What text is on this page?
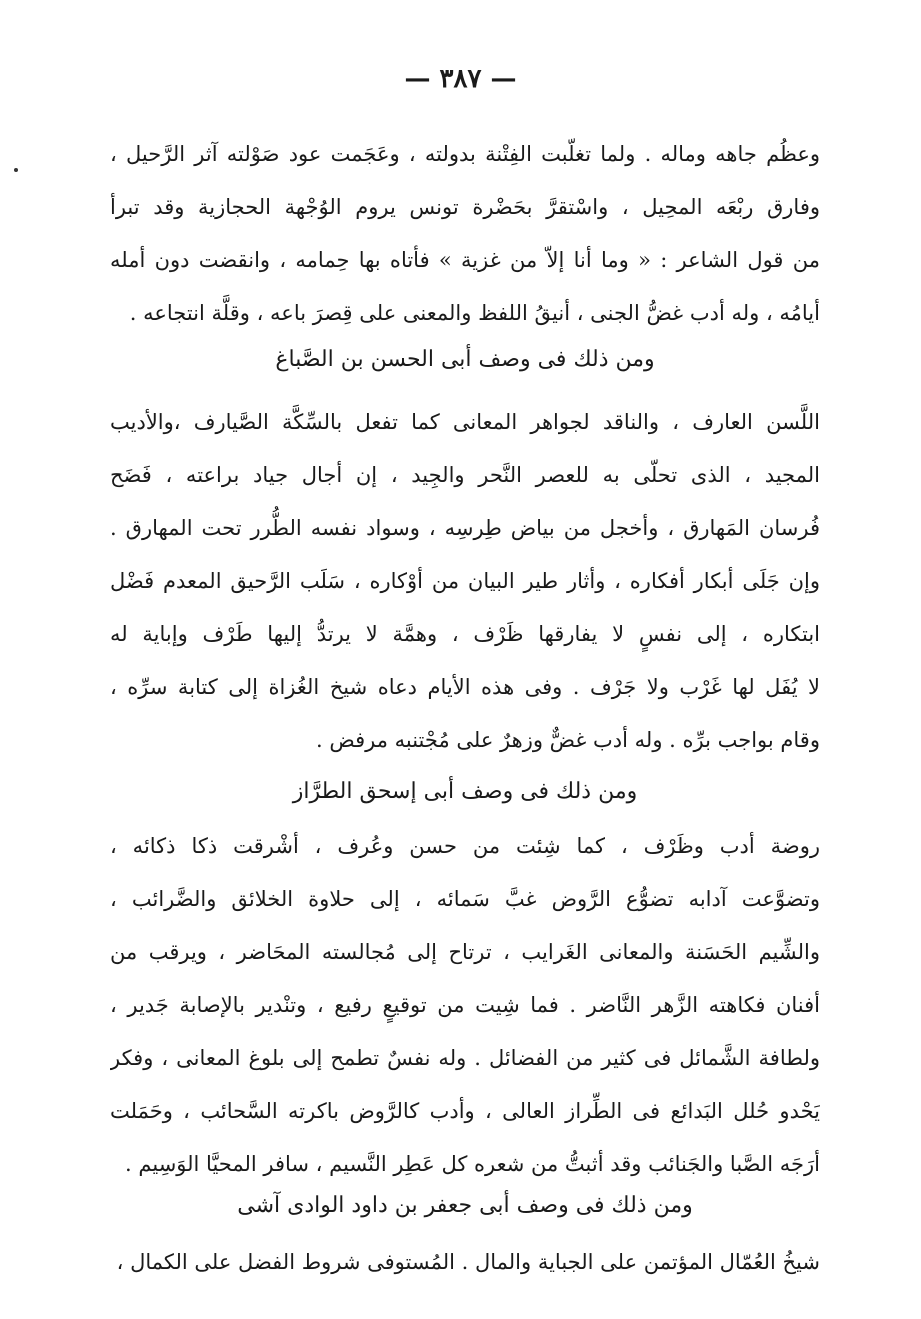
— ٣٨٧ —
وعظُم جاهه وماله . ولما تغلّبت الفِتْنة بدولته ، وعَجَمت عود صَوْلته آثر الرَّحيل ،
وفارق ربْعَه المحِيل ، واسْتقرَّ بحَضْرة تونس يروم الوُجْهة الحجازية وقد تبرأ
من قول الشاعر : « وما أنا إلاّ من غزية » فأتاه بها حِمامه ، وانقضت دون أمله
أيامُه ، وله أدب غضُّ الجنى ، أنيقُ اللفظ والمعنى على قِصرَ باعه ، وقلَّة انتجاعه .
ومن ذلك فى وصف أبى الحسن بن الصَّباغ
اللَّسن العارف ، والناقد لجواهر المعانى كما تفعل بالسِّكَّة الصَّيارف ،والأديب
المجيد ، الذى تحلّى به للعصر النَّحر والجِيد ، إن أجال جياد براعته ، فَضَح
فُرسان المَهارق ، وأخجل من بياض طِرسِه ، وسواد نفسه الطُّرر تحت المهارق .
وإن جَلَى أبكار أفكاره ، وأثار طير البيان من أوْكاره ، سَلَب الرَّحيق المعدم فَضْل
ابتكاره ، إلى نفسٍ لا يفارقها ظَرْف ، وهمَّة لا يرتدُّ إليها طَرْف وإباية له
لا يُفَل لها غَرْب ولا جَرْف . وفى هذه الأيام دعاه شيخ الغُزاة إلى كتابة سرِّه ،
وقام بواجب برِّه . وله أدب غضٌّ وزهرٌ على مُجْتنبه مرفض .
ومن ذلك فى وصف أبى إسحق الطرَّاز
روضة أدب وظَرْف ، كما شِئت من حسن وعُرف ، أشْرقت ذكا ذكائه ،
وتضوَّعت آدابه تضوُّع الرَّوض غبَّ سَمائه ، إلى حلاوة الخلائق والضَّرائب ،
والشِّيم الحَسَنة والمعانى الغَرايب ، ترتاح إلى مُجالسته المحَاضر ، ويرقب من
أفنان فكاهته الزَّهر النَّاضر . فما شِيت من توقيعٍ رفيع ، وتنْدير بالإصابة جَدير ،
ولطافة الشَّمائل فى كثير من الفضائل . وله نفسٌ تطمح إلى بلوغ المعانى ، وفكر
يَحْدو حُلل البَدائع فى الطِّراز العالى ، وأدب كالرَّوض باكرته السَّحائب ، وحَمَلت
أرَجَه الصَّبا والجَنائب وقد أثبتُّ من شعره كل عَطِر النَّسيم ، سافر المحيَّا الوَسِيم .
ومن ذلك فى وصف أبى جعفر بن داود الوادى آشى
شيخُ العُمّال المؤتمن على الجباية والمال . المُستوفى شروط الفضل على الكمال ،
